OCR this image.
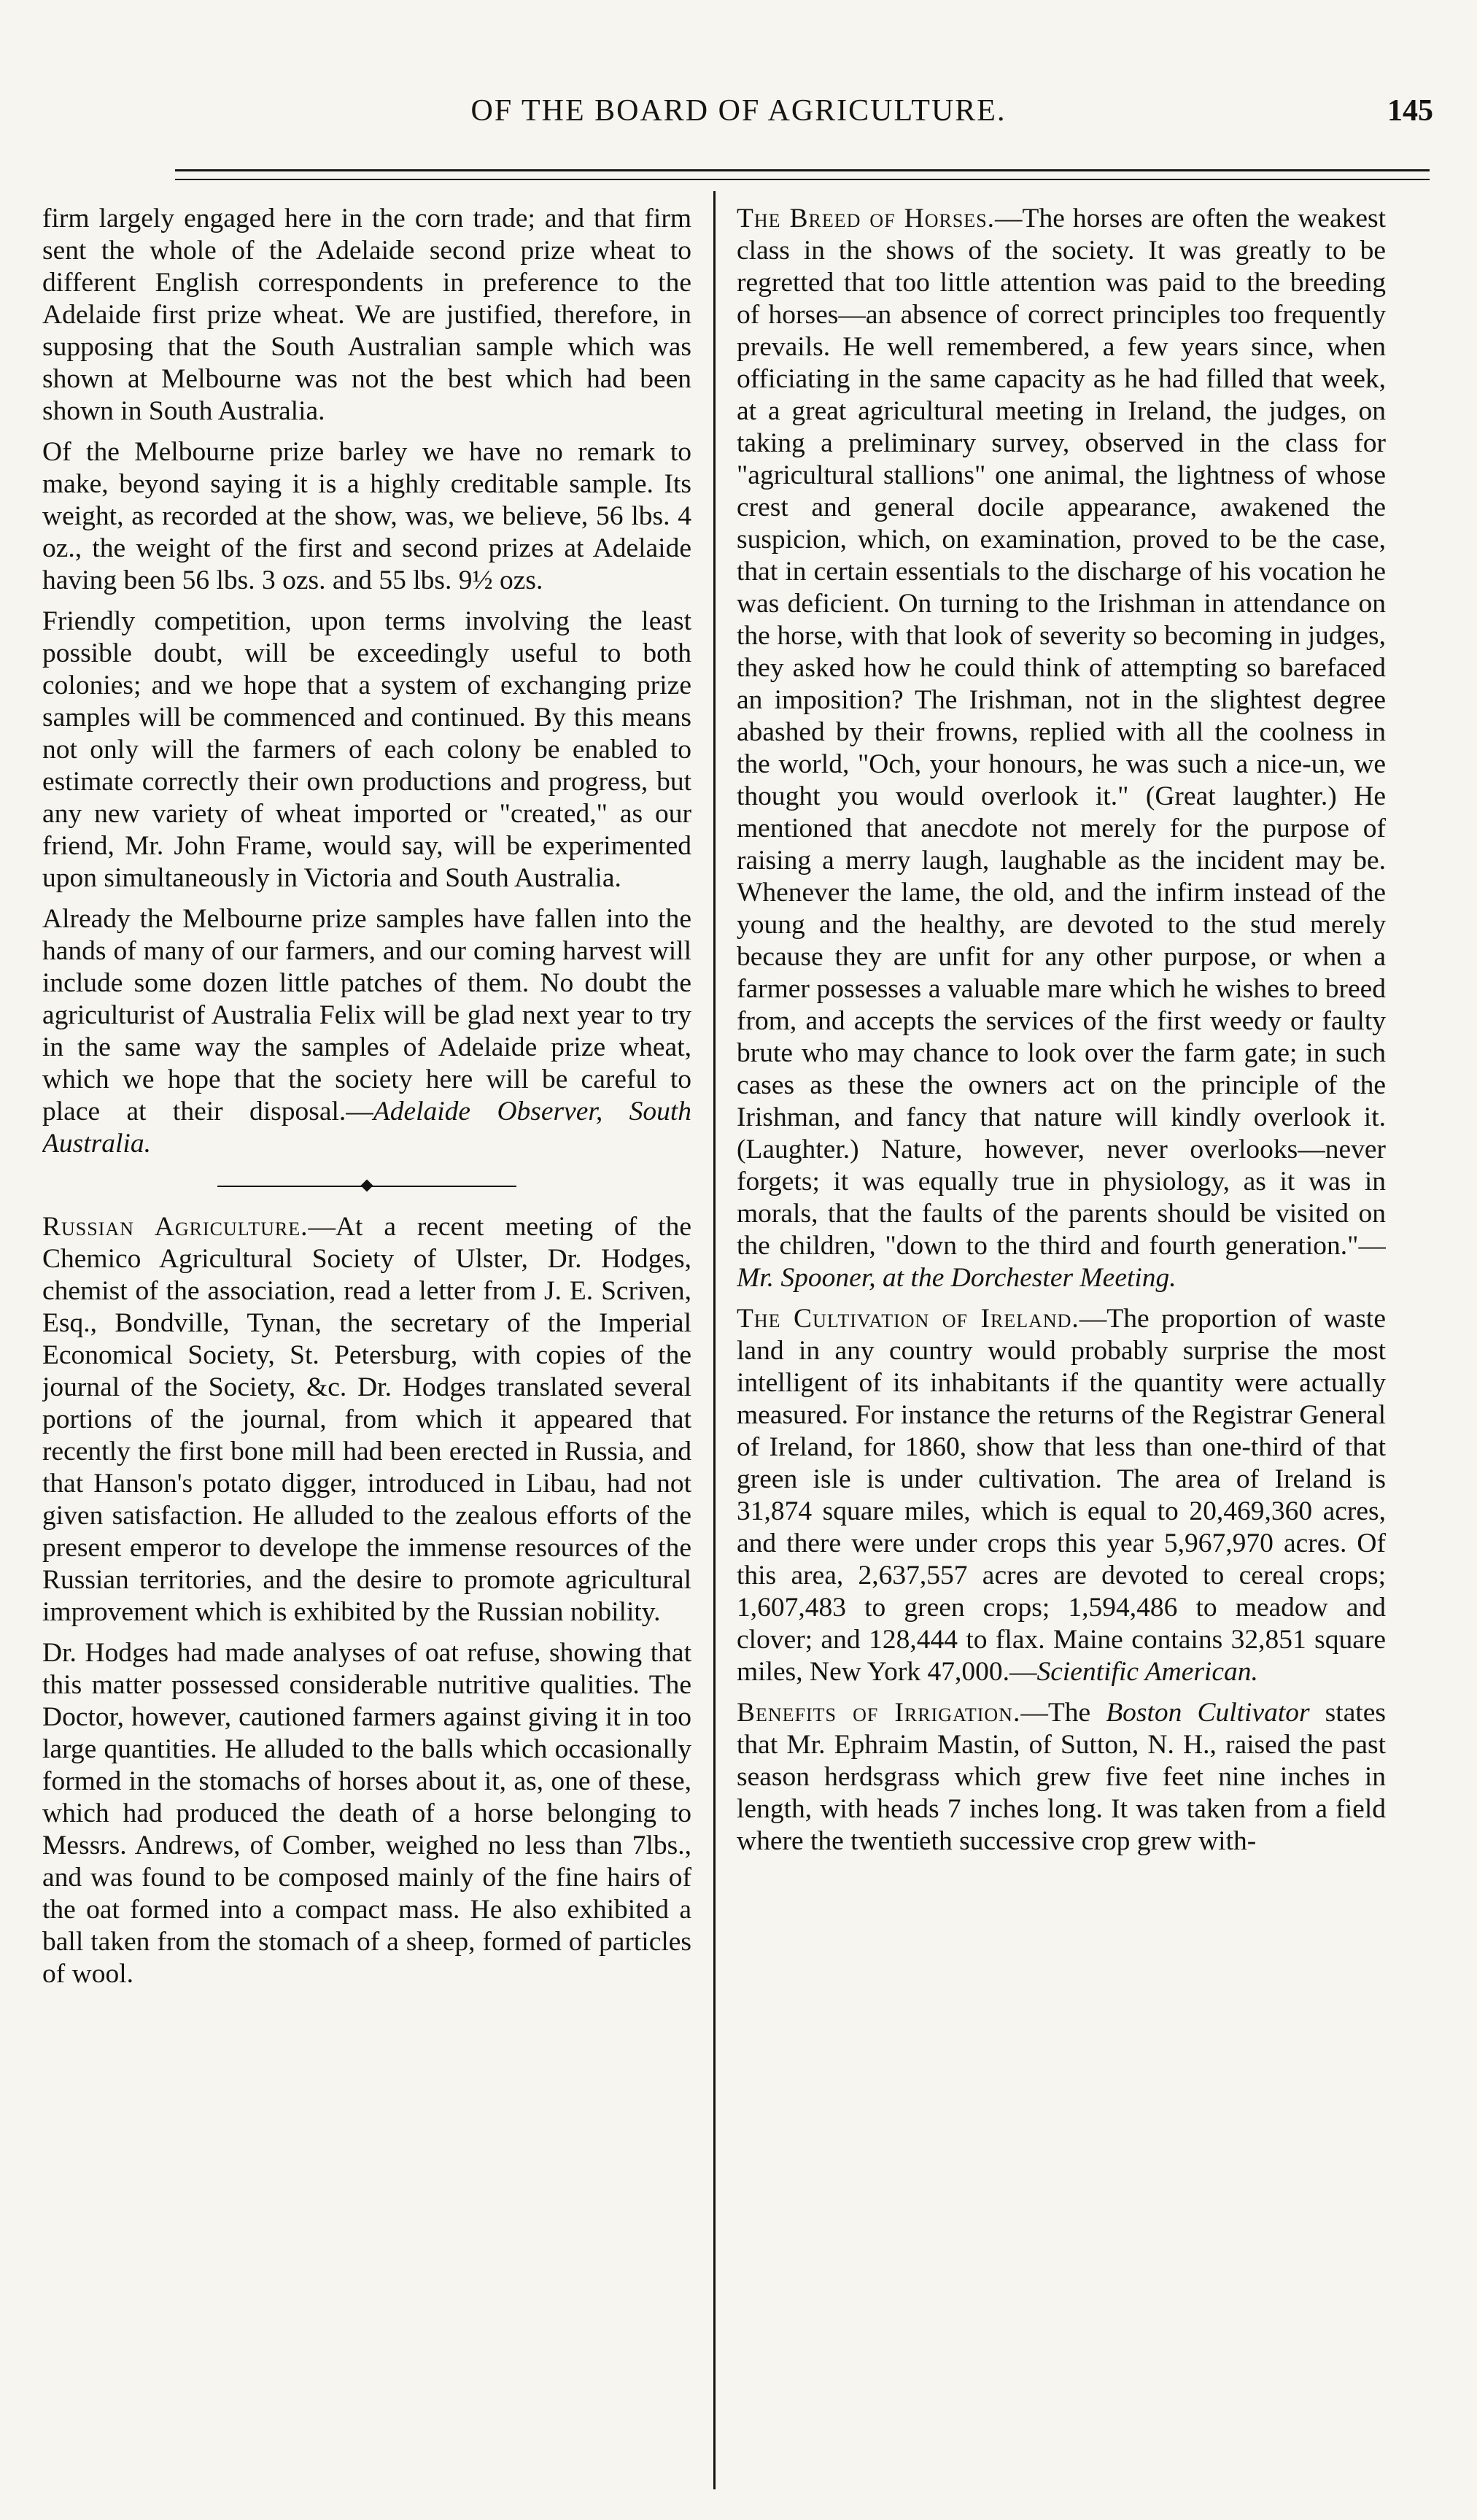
OF THE BOARD OF AGRICULTURE.	145

firm largely engaged here in the corn trade; and that firm sent the whole of the Adelaide second prize wheat to different English correspondents in preference to the Adelaide first prize wheat. We are justified, therefore, in supposing that the South Australian sample which was shown at Melbourne was not the best which had been shown in South Australia.

Of the Melbourne prize barley we have no remark to make, beyond saying it is a highly creditable sample. Its weight, as recorded at the show, was, we believe, 56 lbs. 4 oz., the weight of the first and second prizes at Adelaide having been 56 lbs. 3 ozs. and 55 lbs. 9½ ozs.

Friendly competition, upon terms involving the least possible doubt, will be exceedingly useful to both colonies; and we hope that a system of exchanging prize samples will be commenced and continued. By this means not only will the farmers of each colony be enabled to estimate correctly their own productions and progress, but any new variety of wheat imported or "created," as our friend, Mr. John Frame, would say, will be experimented upon simultaneously in Victoria and South Australia.

Already the Melbourne prize samples have fallen into the hands of many of our farmers, and our coming harvest will include some dozen little patches of them. No doubt the agriculturist of Australia Felix will be glad next year to try in the same way the samples of Adelaide prize wheat, which we hope that the society here will be careful to place at their disposal.—Adelaide Observer, South Australia.

Russian Agriculture.—At a recent meeting of the Chemico Agricultural Society of Ulster, Dr. Hodges, chemist of the association, read a letter from J. E. Scriven, Esq., Bondville, Tynan, the secretary of the Imperial Economical Society, St. Petersburg, with copies of the journal of the Society, &c. Dr. Hodges translated several portions of the journal, from which it appeared that recently the first bone mill had been erected in Russia, and that Hanson's potato digger, introduced in Libau, had not given satisfaction. He alluded to the zealous efforts of the present emperor to develope the immense resources of the Russian territories, and the desire to promote agricultural improvement which is exhibited by the Russian nobility.

Dr. Hodges had made analyses of oat refuse, showing that this matter possessed considerable nutritive qualities. The Doctor, however, cautioned farmers against giving it in too large quantities. He alluded to the balls which occasionally formed in the stomachs of horses about it, as, one of these, which had produced the death of a horse belonging to Messrs. Andrews, of Comber, weighed no less than 7lbs., and was found to be composed mainly of the fine hairs of the oat formed into a compact mass. He also exhibited a ball taken from the stomach of a sheep, formed of particles of wool.

The Breed of Horses.—The horses are often the weakest class in the shows of the society. It was greatly to be regretted that too little attention was paid to the breeding of horses—an absence of correct principles too frequently prevails. He well remembered, a few years since, when officiating in the same capacity as he had filled that week, at a great agricultural meeting in Ireland, the judges, on taking a preliminary survey, observed in the class for "agricultural stallions" one animal, the lightness of whose crest and general docile appearance, awakened the suspicion, which, on examination, proved to be the case, that in certain essentials to the discharge of his vocation he was deficient. On turning to the Irishman in attendance on the horse, with that look of severity so becoming in judges, they asked how he could think of attempting so barefaced an imposition? The Irishman, not in the slightest degree abashed by their frowns, replied with all the coolness in the world, "Och, your honours, he was such a nice-un, we thought you would overlook it." (Great laughter.) He mentioned that anecdote not merely for the purpose of raising a merry laugh, laughable as the incident may be. Whenever the lame, the old, and the infirm instead of the young and the healthy, are devoted to the stud merely because they are unfit for any other purpose, or when a farmer possesses a valuable mare which he wishes to breed from, and accepts the services of the first weedy or faulty brute who may chance to look over the farm gate; in such cases as these the owners act on the principle of the Irishman, and fancy that nature will kindly overlook it. (Laughter.) Nature, however, never overlooks—never forgets; it was equally true in physiology, as it was in morals, that the faults of the parents should be visited on the children, "down to the third and fourth generation."—Mr. Spooner, at the Dorchester Meeting.

The Cultivation of Ireland.—The proportion of waste land in any country would probably surprise the most intelligent of its inhabitants if the quantity were actually measured. For instance the returns of the Registrar General of Ireland, for 1860, show that less than one-third of that green isle is under cultivation. The area of Ireland is 31,874 square miles, which is equal to 20,469,360 acres, and there were under crops this year 5,967,970 acres. Of this area, 2,637,557 acres are devoted to cereal crops; 1,607,483 to green crops; 1,594,486 to meadow and clover; and 128,444 to flax. Maine contains 32,851 square miles, New York 47,000.—Scientific American.

Benefits of Irrigation.—The Boston Cultivator states that Mr. Ephraim Mastin, of Sutton, N. H., raised the past season herdsgrass which grew five feet nine inches in length, with heads 7 inches long. It was taken from a field where the twentieth successive crop grew with-
